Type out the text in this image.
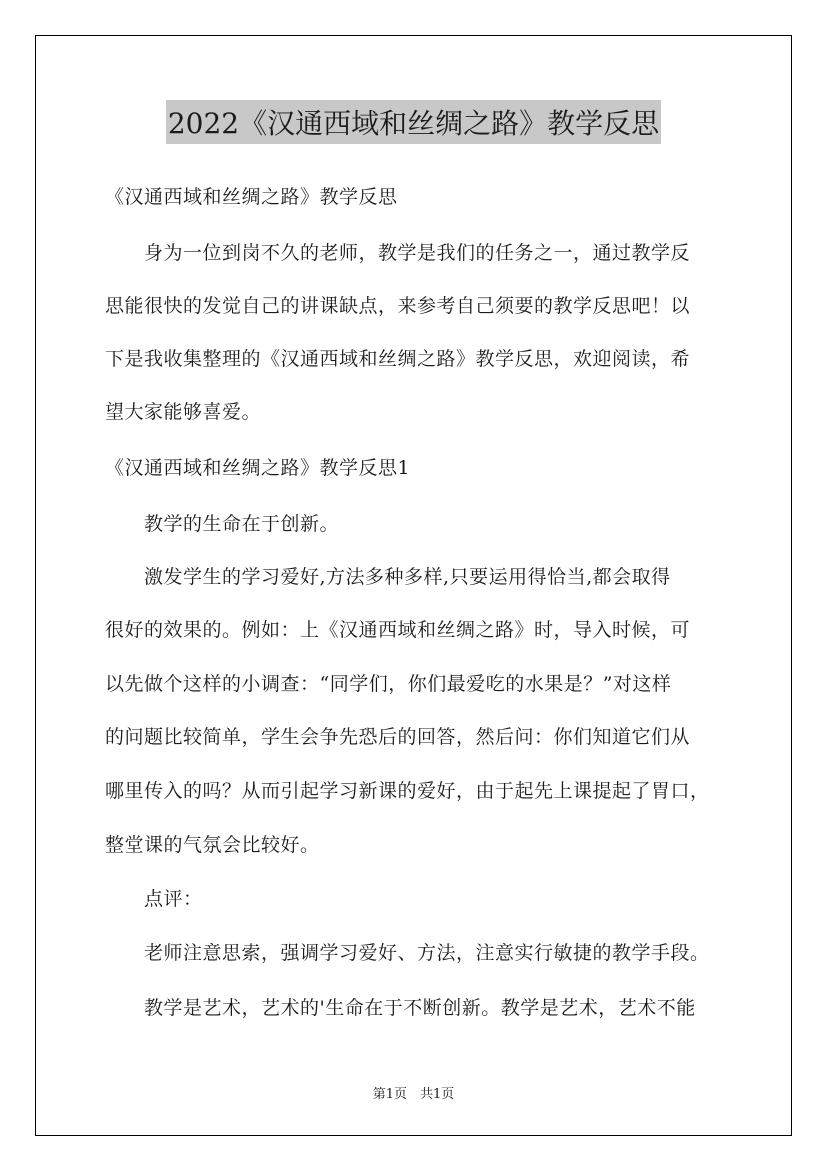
2022《汉通西域和丝绸之路》教学反思
《汉通西域和丝绸之路》教学反思
　　身为一位到岗不久的老师，教学是我们的任务之一，通过教学反
思能很快的发觉自己的讲课缺点，来参考自己须要的教学反思吧！以
下是我收集整理的《汉通西域和丝绸之路》教学反思，欢迎阅读，希
望大家能够喜爱。
《汉通西域和丝绸之路》教学反思1
　　教学的生命在于创新。
　　激发学生的学习爱好,方法多种多样,只要运用得恰当,都会取得
很好的效果的。例如：上《汉通西域和丝绸之路》时，导入时候，可
以先做个这样的小调查：“同学们，你们最爱吃的水果是？”对这样
的问题比较简单，学生会争先恐后的回答，然后问：你们知道它们从
哪里传入的吗？从而引起学习新课的爱好，由于起先上课提起了胃口，
整堂课的气氛会比较好。
　　点评：
　　老师注意思索，强调学习爱好、方法，注意实行敏捷的教学手段。
　　教学是艺术，艺术的'生命在于不断创新。教学是艺术，艺术不能
第1页　共1页
